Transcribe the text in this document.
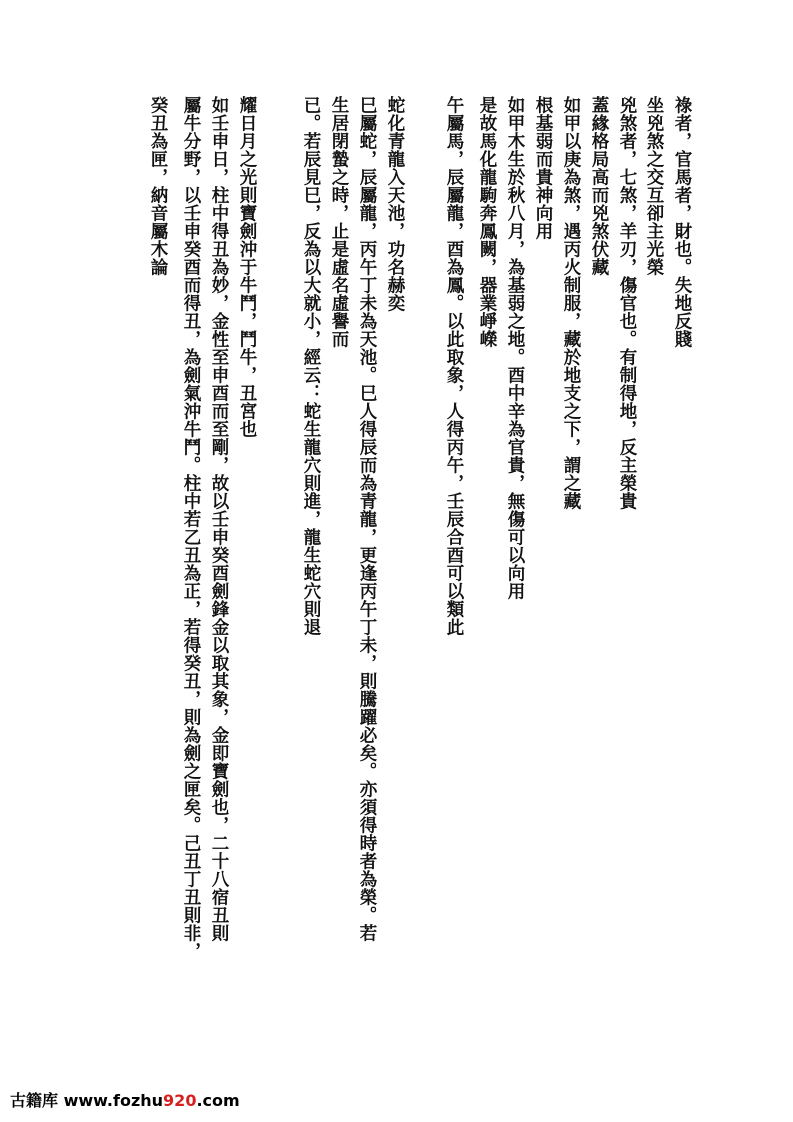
祿者，官馬者，財也。失地反賤
坐兇煞之交互卻主光榮
兇煞者，七煞，羊刃，傷官也。有制得地，反主榮貴
蓋緣格局高而兇煞伏藏
如甲以庚為煞，遇丙火制服，藏於地支之下，謂之藏
根基弱而貴神向用
如甲木生於秋八月，為基弱之地。酉中辛為官貴，無傷可以向用
是故馬化龍駒奔鳳闕，器業崢嶸
午屬馬，辰屬龍，酉為鳳。以此取象，人得丙午，壬辰合酉可以類此
蛇化青龍入天池，功名赫奕
巳屬蛇，辰屬龍，丙午丁未為天池。巳人得辰而為青龍，更逢丙午丁未，則騰躍必矣。亦須得時者為榮。若
生居閉蟄之時，止是虛名虛譽而
已。若辰見巳，反為以大就小，經云：蛇生龍穴則進，龍生蛇穴則退
耀日月之光則寶劍沖于牛鬥，鬥牛，丑宮也
如壬申日，柱中得丑為妙，金性至申酉而至剛，故以壬申癸酉劍鋒金以取其象，金即寶劍也，二十八宿丑則
屬牛分野，以壬申癸酉而得丑，為劍氣沖牛鬥。柱中若乙丑為正，若得癸丑，則為劍之匣矣。己丑丁丑則非，
癸丑為匣，納音屬木論
古籍库 www.fozhu920.com
